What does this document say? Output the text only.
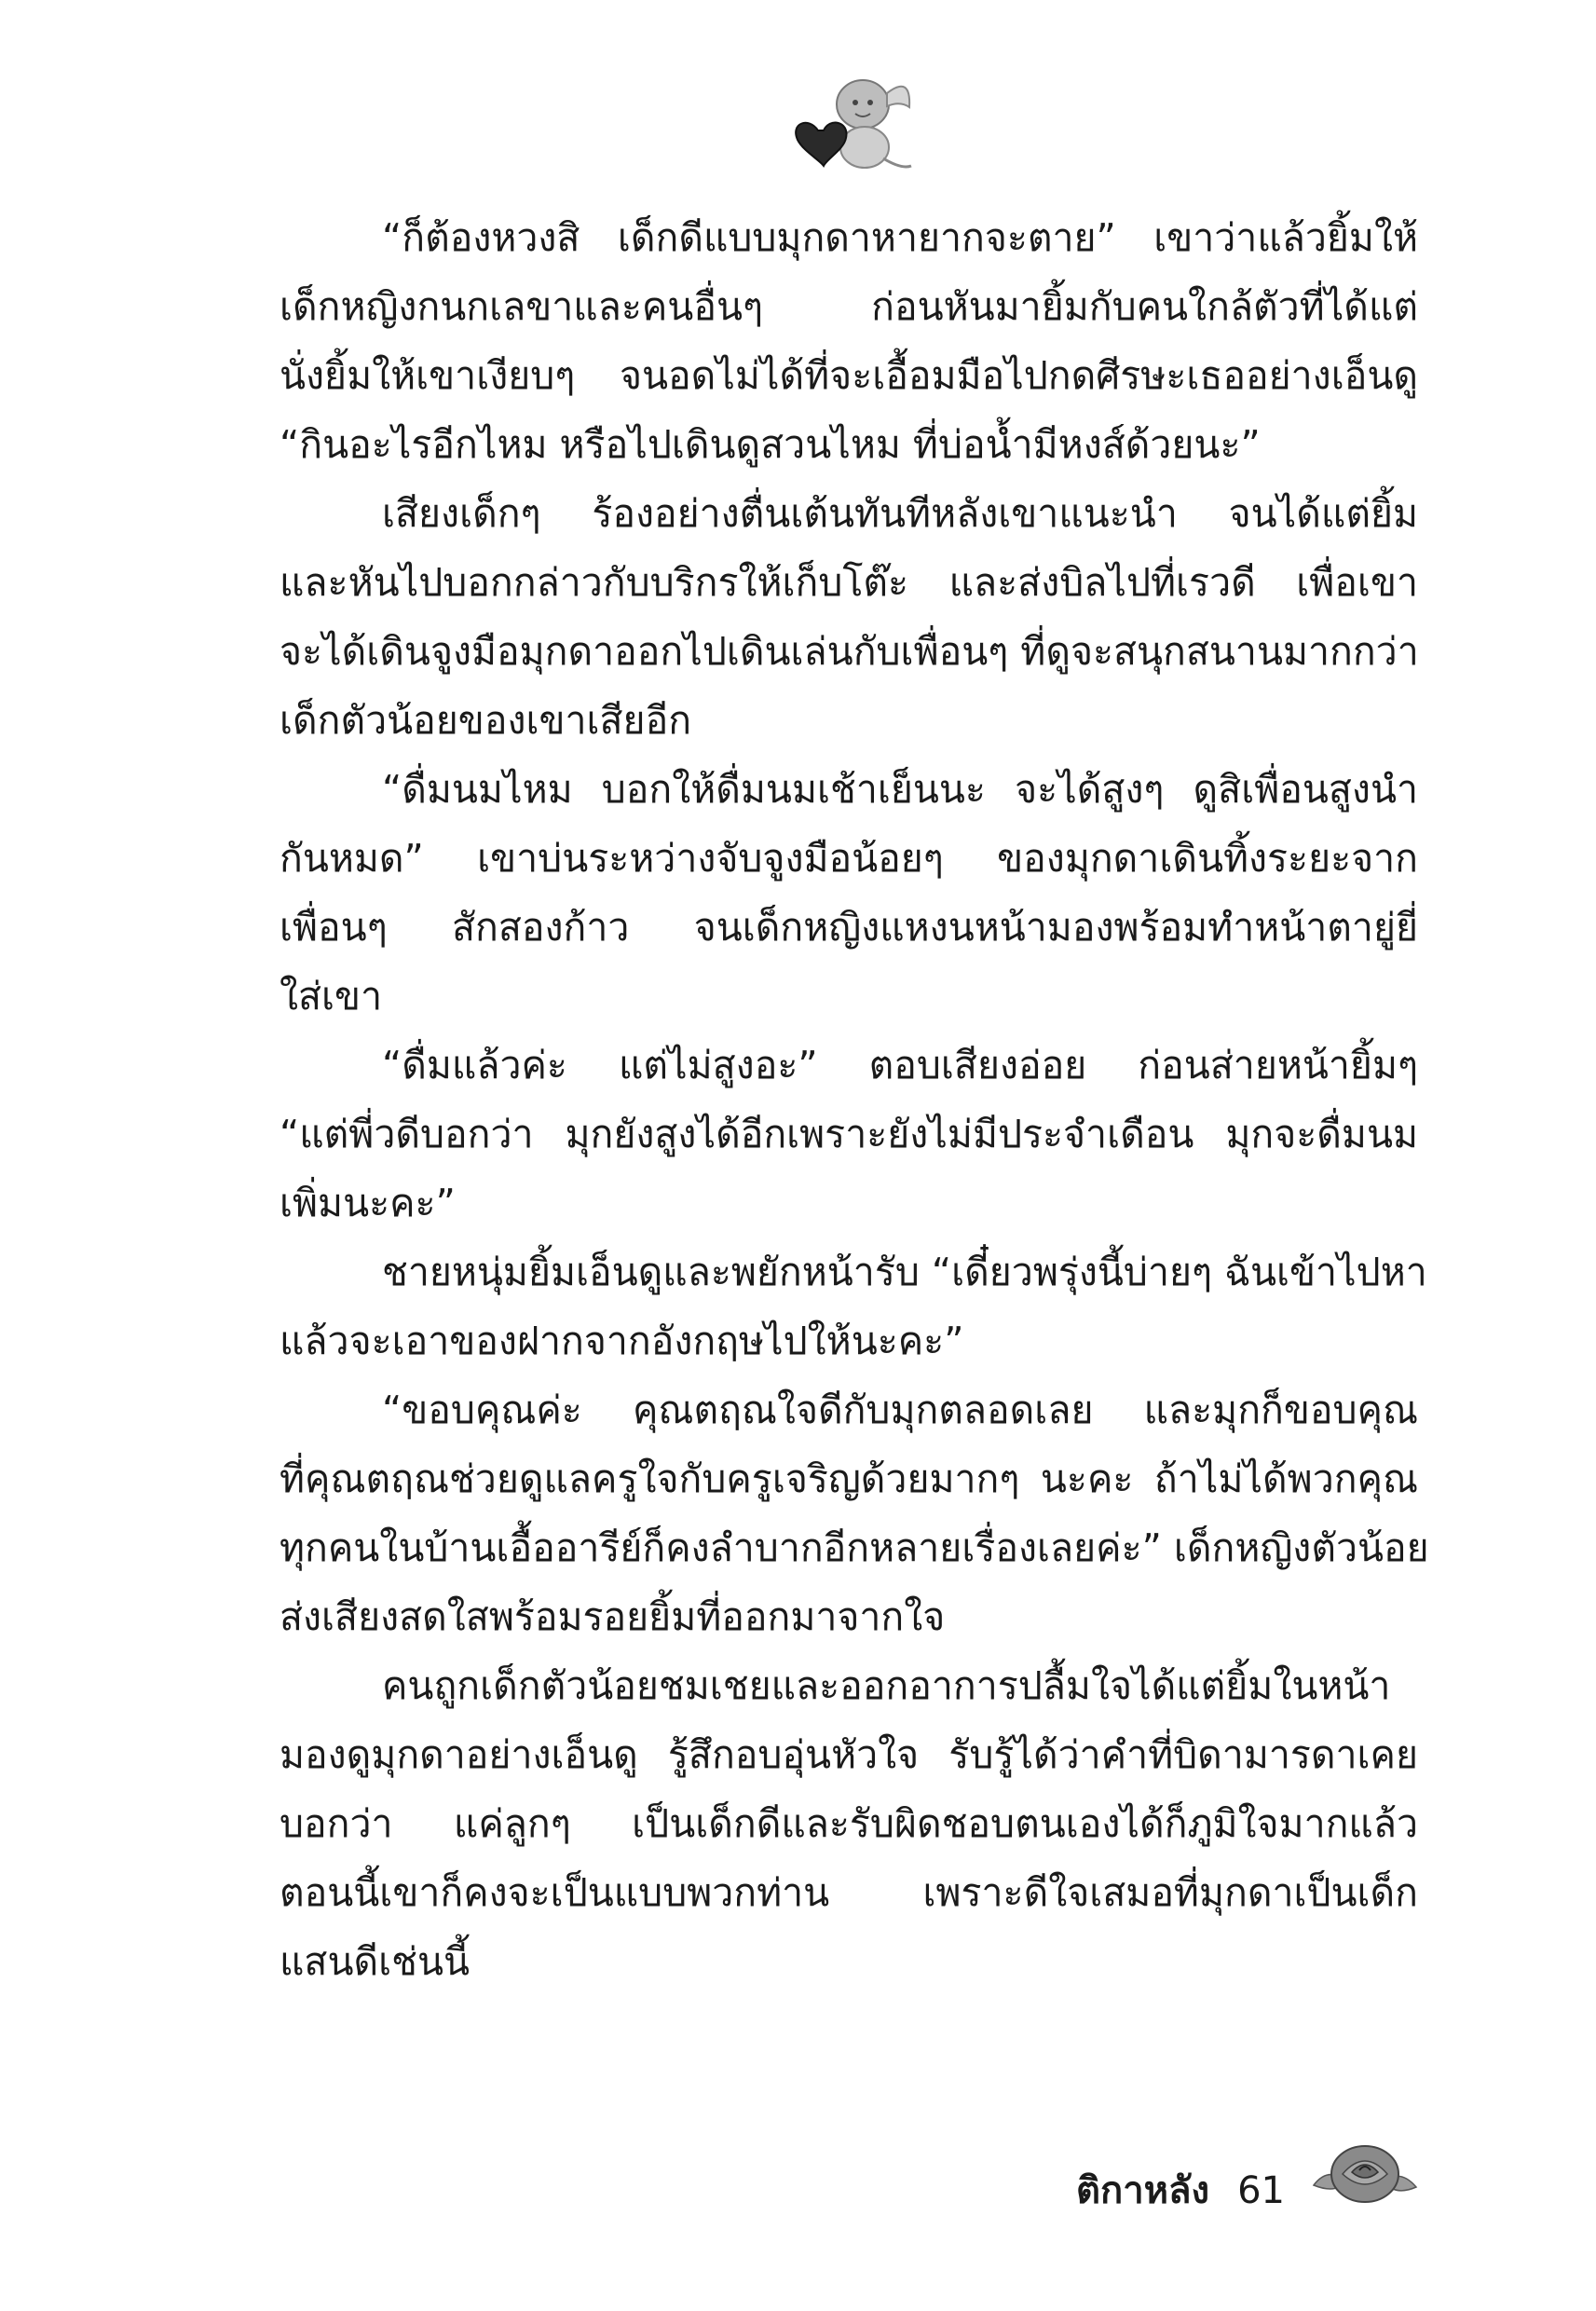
“ก็ต้องหวงสิ เด็กดีแบบมุกดาหายากจะตาย” เขาว่าแล้วยิ้มให้
เด็กหญิงกนกเลขาและคนอื่นๆ ก่อนหันมายิ้มกับคนใกล้ตัวที่ได้แต่
นั่งยิ้มให้เขาเงียบๆ จนอดไม่ได้ที่จะเอื้อมมือไปกดศีรษะเธออย่างเอ็นดู
“กินอะไรอีกไหม หรือไปเดินดูสวนไหม ที่บ่อน้ำมีหงส์ด้วยนะ”
เสียงเด็กๆ ร้องอย่างตื่นเต้นทันทีหลังเขาแนะนำ จนได้แต่ยิ้ม
และหันไปบอกกล่าวกับบริกรให้เก็บโต๊ะ และส่งบิลไปที่เรวดี เพื่อเขา
จะได้เดินจูงมือมุกดาออกไปเดินเล่นกับเพื่อนๆ ที่ดูจะสนุกสนานมากกว่า
เด็กตัวน้อยของเขาเสียอีก
“ดื่มนมไหม บอกให้ดื่มนมเช้าเย็นนะ จะได้สูงๆ ดูสิเพื่อนสูงนำ
กันหมด” เขาบ่นระหว่างจับจูงมือน้อยๆ ของมุกดาเดินทิ้งระยะจาก
เพื่อนๆ สักสองก้าว จนเด็กหญิงแหงนหน้ามองพร้อมทำหน้าตายู่ยี่
ใส่เขา
“ดื่มแล้วค่ะ แต่ไม่สูงอะ” ตอบเสียงอ่อย ก่อนส่ายหน้ายิ้มๆ
“แต่พี่วดีบอกว่า มุกยังสูงได้อีกเพราะยังไม่มีประจำเดือน มุกจะดื่มนม
เพิ่มนะคะ”
ชายหนุ่มยิ้มเอ็นดูและพยักหน้ารับ “เดี๋ยวพรุ่งนี้บ่ายๆ ฉันเข้าไปหา
แล้วจะเอาของฝากจากอังกฤษไปให้นะคะ”
“ขอบคุณค่ะ คุณตฤณใจดีกับมุกตลอดเลย และมุกก็ขอบคุณ
ที่คุณตฤณช่วยดูแลครูใจกับครูเจริญด้วยมากๆ นะคะ ถ้าไม่ได้พวกคุณ
ทุกคนในบ้านเอื้ออารีย์ก็คงลำบากอีกหลายเรื่องเลยค่ะ” เด็กหญิงตัวน้อย
ส่งเสียงสดใสพร้อมรอยยิ้มที่ออกมาจากใจ
คนถูกเด็กตัวน้อยชมเชยและออกอาการปลื้มใจได้แต่ยิ้มในหน้า
มองดูมุกดาอย่างเอ็นดู รู้สึกอบอุ่นหัวใจ รับรู้ได้ว่าคำที่บิดามารดาเคย
บอกว่า แค่ลูกๆ เป็นเด็กดีและรับผิดชอบตนเองได้ก็ภูมิใจมากแล้ว
ตอนนี้เขาก็คงจะเป็นแบบพวกท่าน เพราะดีใจเสมอที่มุกดาเป็นเด็ก
แสนดีเช่นนี้
ติกาหลัง 61
